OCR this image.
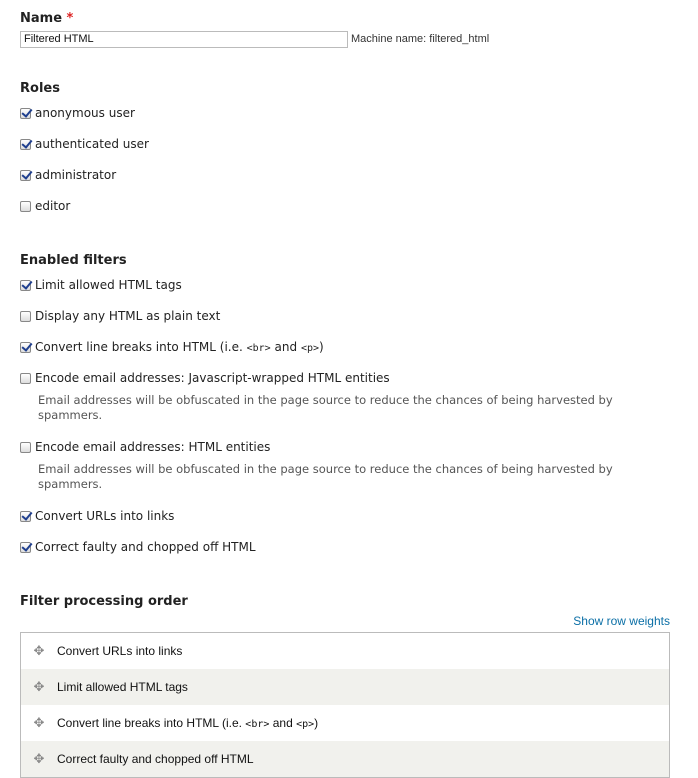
Name *
Filtered HTML	Machine name: filtered_html
Roles
anonymous user
authenticated user
administrator
editor
Enabled filters
Limit allowed HTML tags
Display any HTML as plain text
Convert line breaks into HTML (i.e. <br> and <p>)
Encode email addresses: Javascript-wrapped HTML entities
Email addresses will be obfuscated in the page source to reduce the chances of being harvested by spammers.
Encode email addresses: HTML entities
Email addresses will be obfuscated in the page source to reduce the chances of being harvested by spammers.
Convert URLs into links
Correct faulty and chopped off HTML
Filter processing order
Show row weights
✥	Convert URLs into links
✥	Limit allowed HTML tags
✥	Convert line breaks into HTML (i.e. <br> and <p>)
✥	Correct faulty and chopped off HTML
